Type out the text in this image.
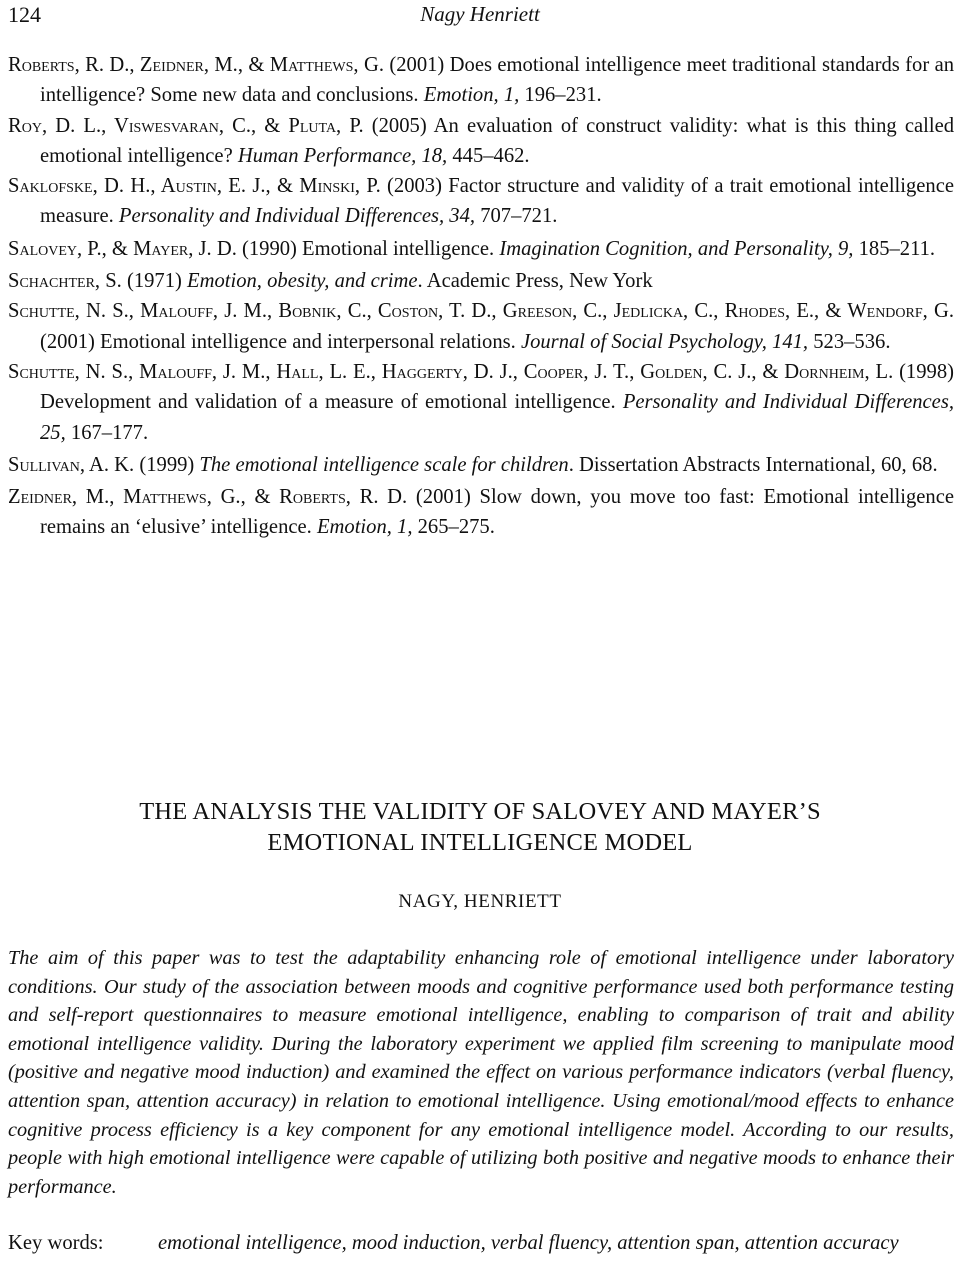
124	Nagy Henriett

Roberts, R. D., Zeidner, M., & Matthews, G. (2001) Does emotional intelligence meet traditional standards for an intelligence? Some new data and conclusions. Emotion, 1, 196–231.

Roy, D. L., Viswesvaran, C., & Pluta, P. (2005) An evaluation of construct validity: what is this thing called emotional intelligence? Human Performance, 18, 445–462.

Saklofske, D. H., Austin, E. J., & Minski, P. (2003) Factor structure and validity of a trait emotional intelligence measure. Personality and Individual Differences, 34, 707–721.

Salovey, P., & Mayer, J. D. (1990) Emotional intelligence. Imagination Cognition, and Personality, 9, 185–211.

Schachter, S. (1971) Emotion, obesity, and crime. Academic Press, New York

Schutte, N. S., Malouff, J. M., Bobnik, C., Coston, T. D., Greeson, C., Jedlicka, C., Rhodes, E., & Wendorf, G. (2001) Emotional intelligence and interpersonal relations. Journal of Social Psychology, 141, 523–536.

Schutte, N. S., Malouff, J. M., Hall, L. E., Haggerty, D. J., Cooper, J. T., Golden, C. J., & Dornheim, L. (1998) Development and validation of a measure of emotional intelligence. Personality and Individual Differences, 25, 167–177.

Sullivan, A. K. (1999) The emotional intelligence scale for children. Dissertation Abstracts International, 60, 68.

Zeidner, M., Matthews, G., & Roberts, R. D. (2001) Slow down, you move too fast: Emotional intelligence remains an ‘elusive’ intelligence. Emotion, 1, 265–275.

THE ANALYSIS THE VALIDITY OF SALOVEY AND MAYER’S
EMOTIONAL INTELLIGENCE MODEL
NAGY, HENRIETT

The aim of this paper was to test the adaptability enhancing role of emotional intelligence under laboratory conditions. Our study of the association between moods and cognitive performance used both performance testing and self-report questionnaires to measure emotional intelligence, enabling to comparison of trait and ability emotional intelligence validity. During the laboratory experiment we applied film screening to manipulate mood (positive and negative mood induction) and examined the effect on various performance indicators (verbal fluency, attention span, attention accuracy) in relation to emotional intelligence. Using emotional/mood effects to enhance cognitive process efficiency is a key component for any emotional intelligence model. According to our results, people with high emotional intelligence were capable of utilizing both positive and negative moods to enhance their performance.

Key words:	emotional intelligence, mood induction, verbal fluency, attention span, attention accuracy
